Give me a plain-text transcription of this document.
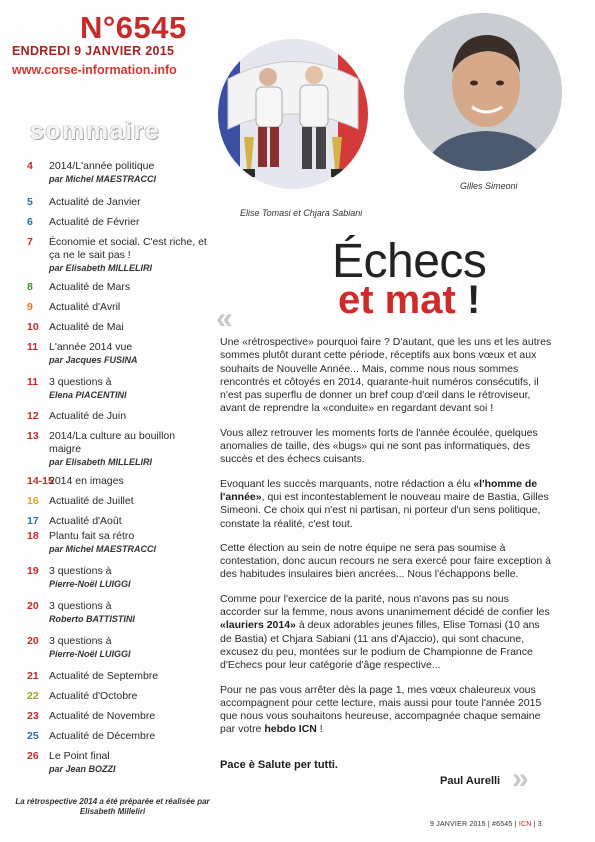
N°6545
ENDREDI 9 JANVIER 2015
www.corse-information.info
sommaire
4 2014/L'année politique
par Michel MAESTRACCI
5 Actualité de Janvier
6 Actualité de Février
7 Économie et social. C'est riche, et ça ne le sait pas !
par Elisabeth MILLELIRI
8 Actualité de Mars
9 Actualité d'Avril
10 Actualité de Mai
11 L'année 2014 vue
par Jacques FUSINA
11 3 questions à
Elena PIACENTINI
12 Actualité de Juin
13 2014/La culture au bouillon maigre
par Elisabeth MILLELIRI
14-15
2014 en images
16 Actualité de Juillet
17 Actualité d'Août
18 Plantu fait sa rétro
par Michel MAESTRACCI
19 3 questions à
Pierre-Noël LUIGGI
20 3 questions à
Roberto BATTISTINI
20 3 questions à
Pierre-Noël LUIGGI
21 Actualité de Septembre
22 Actualité d'Octobre
23 Actualité de Novembre
25 Actualité de Décembre
26 Le Point final
par Jean BOZZI
La rétrospective 2014 a été préparée et réalisée par Elisabeth Milleliri
Elise Tomasi et Chjara Sabiani
Gilles Simeoni
Échecs
et mat !
«

Une «rétrospective» pourquoi faire ? D'autant, que les uns et les autres sommes plutôt durant cette période, réceptifs aux bons vœux et aux souhaits de Nouvelle Année... Mais, comme nous nous sommes rencontrés et côtoyés en 2014, quarante-huit numéros consécutifs, il n'est pas superflu de donner un bref coup d'œil dans le rétroviseur, avant de reprendre la «conduite» en regardant devant soi !

Vous allez retrouver les moments forts de l'année écoulée, quelques anomalies de taille, des «bugs» qui ne sont pas informatiques, des succès et des échecs cuisants.

Evoquant les succès marquants, notre rédaction a élu «l'homme de l'année», qui est incontestablement le nouveau maire de Bastia, Gilles Simeoni. Ce choix qui n'est ni partisan, ni porteur d'un sens politique, constate la réalité, c'est tout.

Cette élection au sein de notre équipe ne sera pas soumise à contestation, donc aucun recours ne sera exercé pour faire exception à des habitudes insulaires bien ancrées... Nous l'échappons belle.

Comme pour l'exercice de la parité, nous n'avons pas su nous accorder sur la femme, nous avons unanimement décidé de confier les «lauriers 2014» à deux adorables jeunes filles, Elise Tomasi (10 ans de Bastia) et Chjara Sabiani (11 ans d'Ajaccio), qui sont chacune, excusez du peu, montées sur le podium de Championne de France d'Echecs pour leur catégorie d'âge respective...

Pour ne pas vous arrêter dès la page 1, mes vœux chaleureux vous accompagnent pour cette lecture, mais aussi pour toute l'année 2015 que nous vous souhaitons heureuse, accompagnée chaque semaine par votre hebdo ICN !

Pace è Salute per tutti.
Paul Aurelli »
9 JANVIER 2015 | #6545 | ICN | 3
